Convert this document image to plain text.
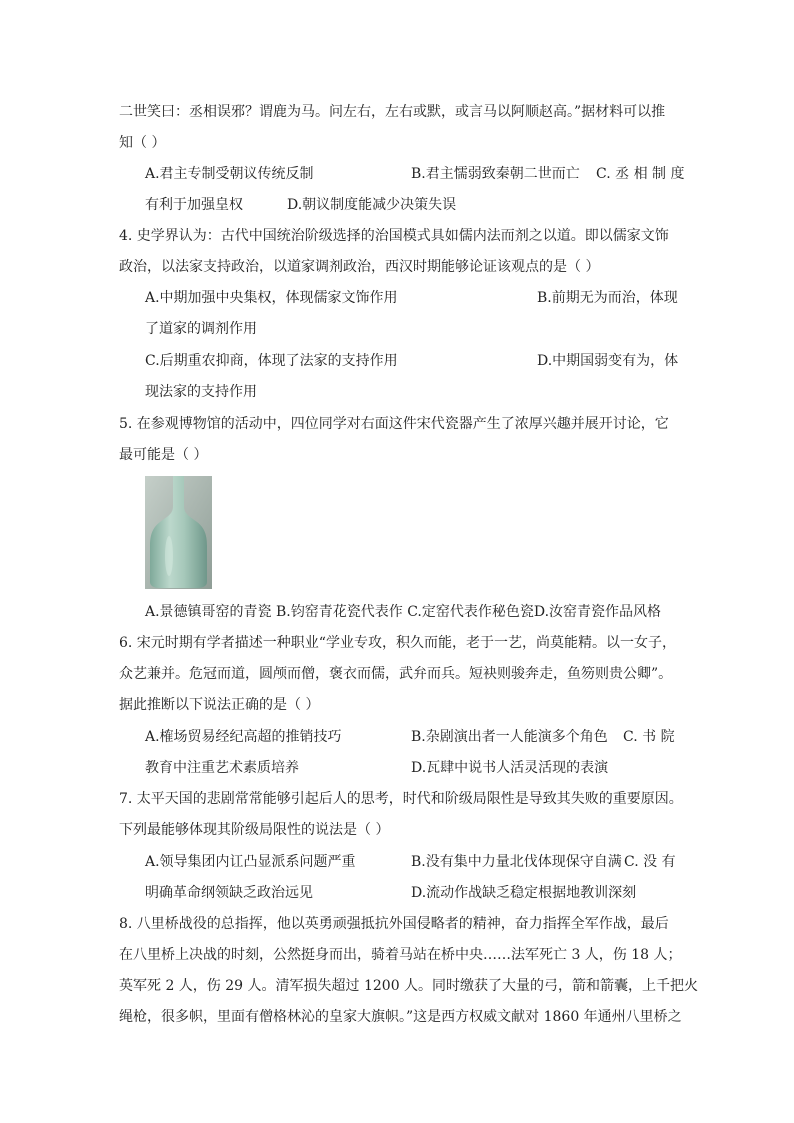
二世笑曰：丞相误邪？谓鹿为马。问左右，左右或默，或言马以阿顺赵高。”据材料可以推
知（ ）
A.君主专制受朝议传统反制	B.君主懦弱致秦朝二世而亡 C. 丞 相 制 度
有利于加强皇权	D.朝议制度能减少决策失误
4. 史学界认为：古代中国统治阶级选择的治国模式具如儒内法而剂之以道。即以儒家文饰
政治，以法家支持政治，以道家调剂政治，西汉时期能够论证该观点的是（ ）
A.中期加强中央集权，体现儒家文饰作用	B.前期无为而治，体现
了道家的调剂作用
C.后期重农抑商，体现了法家的支持作用	D.中期国弱变有为，体
现法家的支持作用
5. 在参观博物馆的活动中，四位同学对右面这件宋代瓷器产生了浓厚兴趣并展开讨论，它
最可能是（ ）
A.景德镇哥窑的青瓷 B.钧窑青花瓷代表作 C.定窑代表作秘色瓷D.汝窑青瓷作品风格
6. 宋元时期有学者描述一种职业“学业专攻，积久而能，老于一艺，尚莫能精。以一女子，
众艺兼并。危冠而道，圆颅而僧，褒衣而儒，武弁而兵。短袂则骏奔走，鱼笏则贵公卿”。
据此推断以下说法正确的是（ ）
A.榷场贸易经纪高超的推销技巧	B.杂剧演出者一人能演多个角色 C. 书 院
教育中注重艺术素质培养	D.瓦肆中说书人活灵活现的表演
7. 太平天国的悲剧常常能够引起后人的思考，时代和阶级局限性是导致其失败的重要原因。
下列最能够体现其阶级局限性的说法是（ ）
A.领导集团内讧凸显派系问题严重	B.没有集中力量北伐体现保守自满 C. 没 有
明确革命纲领缺乏政治远见	D.流动作战缺乏稳定根据地教训深刻
8. 八里桥战役的总指挥，他以英勇顽强抵抗外国侵略者的精神，奋力指挥全军作战，最后
在八里桥上决战的时刻，公然挺身而出，骑着马站在桥中央……法军死亡 3 人，伤 18 人；
英军死 2 人，伤 29 人。清军损失超过 1200 人。同时缴获了大量的弓，箭和箭囊，上千把火
绳枪，很多帜，里面有僧格林沁的皇家大旗帜。”这是西方权威文献对 1860 年通州八里桥之
